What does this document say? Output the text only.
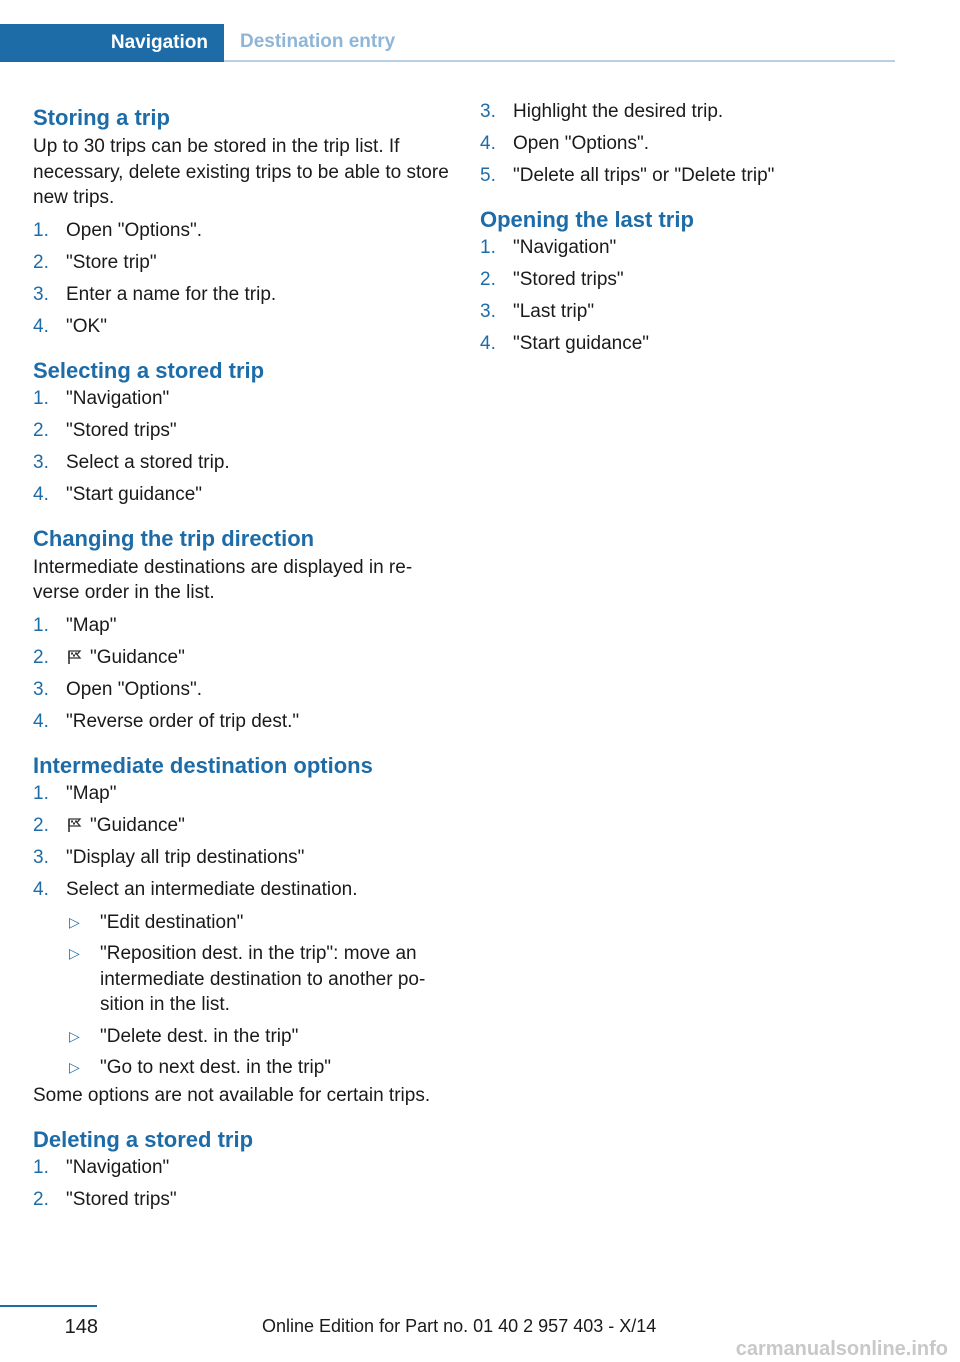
Navigation	Destination entry
Storing a trip

Up to 30 trips can be stored in the trip list. If necessary, delete existing trips to be able to store new trips.

1. Open "Options".
2. "Store trip"
3. Enter a name for the trip.
4. "OK"
Selecting a stored trip
1. "Navigation"
2. "Stored trips"
3. Select a stored trip.
4. "Start guidance"
Changing the trip direction

Intermediate destinations are displayed in re-verse order in the list.

1. "Map"
2. "Guidance"
3. Open "Options".
4. "Reverse order of trip dest."
Intermediate destination options
1. "Map"
2. "Guidance"
3. "Display all trip destinations"
4. Select an intermediate destination.
▷ "Edit destination"
▷ "Reposition dest. in the trip": move an intermediate destination to another po-sition in the list.
▷ "Delete dest. in the trip"
▷ "Go to next dest. in the trip"

Some options are not available for certain trips.

Deleting a stored trip
1. "Navigation"
2. "Stored trips"
3. Highlight the desired trip.
4. Open "Options".
5. "Delete all trips" or "Delete trip"
Opening the last trip
1. "Navigation"
2. "Stored trips"
3. "Last trip"
4. "Start guidance"
148	Online Edition for Part no. 01 40 2 957 403 - X/14
carmanualsonline.info
